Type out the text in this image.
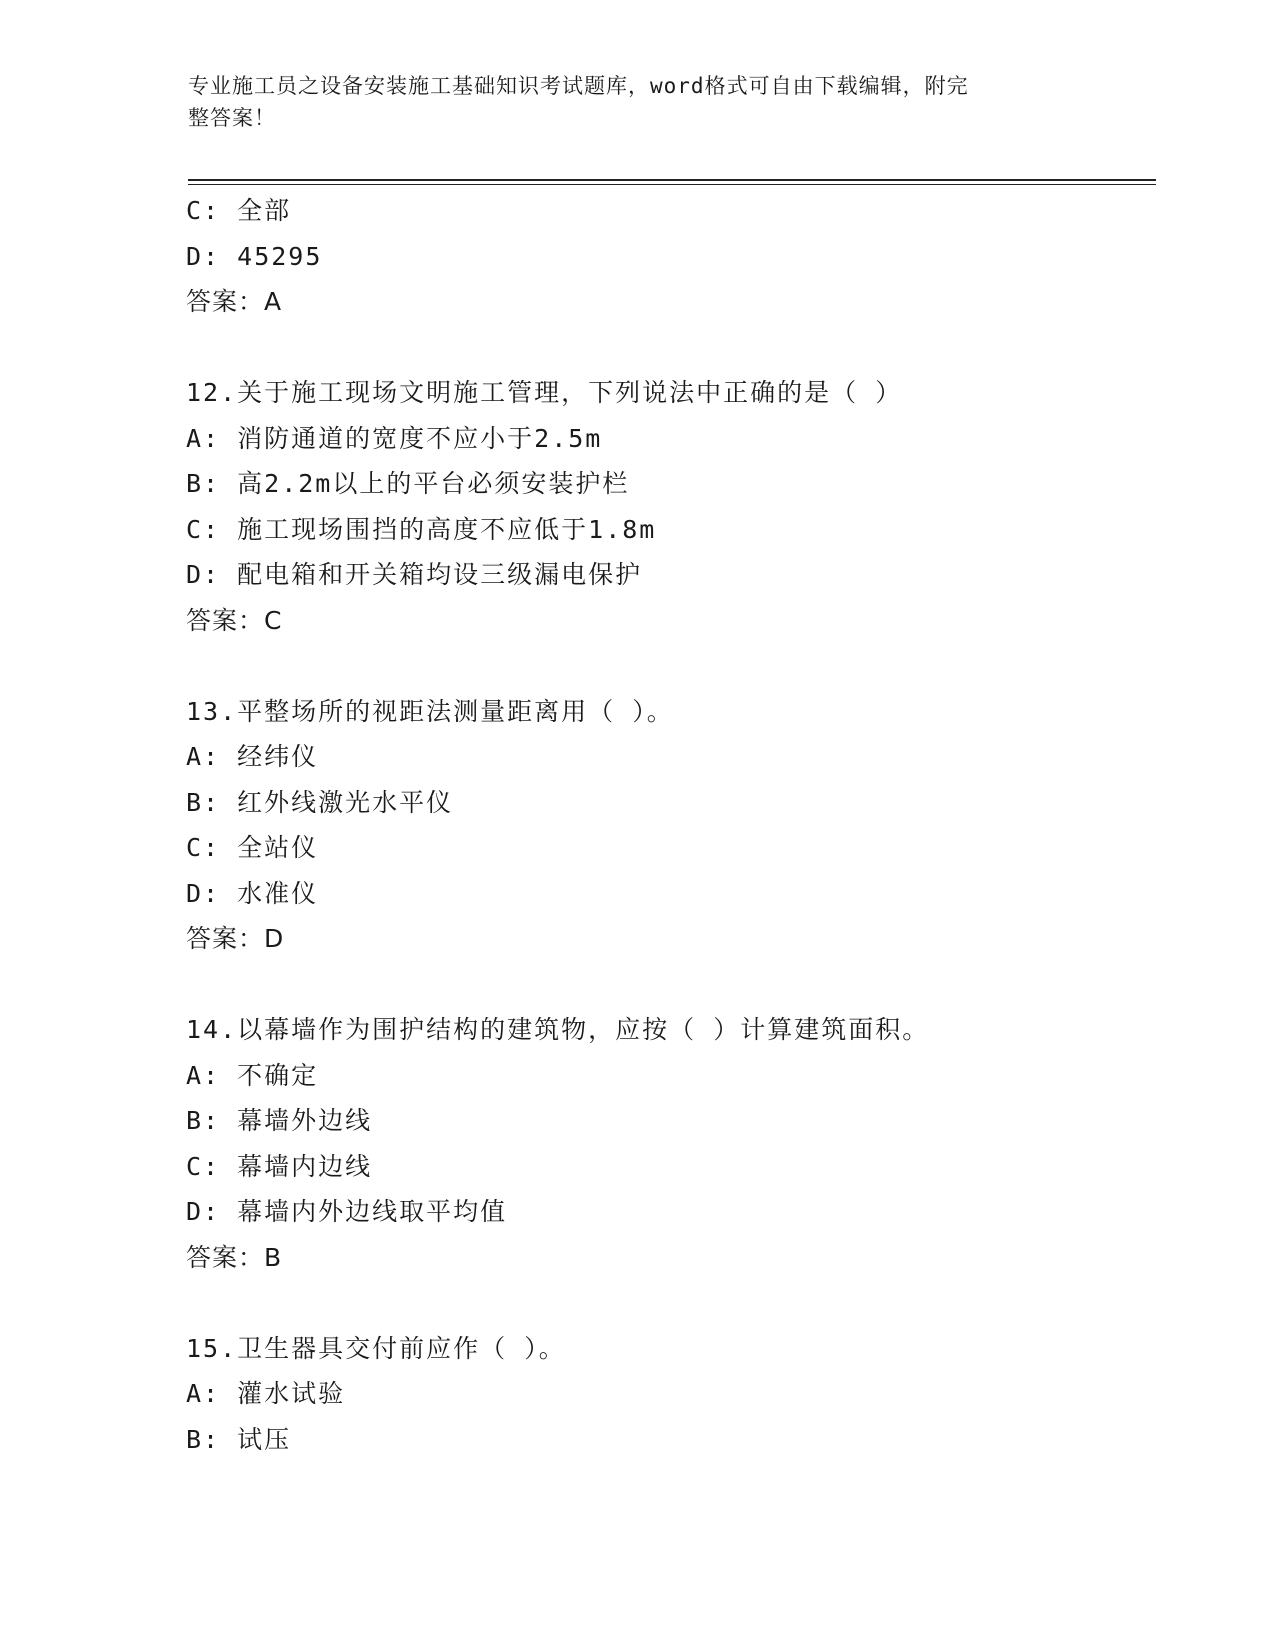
专业施工员之设备安装施工基础知识考试题库，word格式可自由下载编辑，附完
整答案！
C: 全部
D: 45295
答案：A
12.关于施工现场文明施工管理，下列说法中正确的是（ ）
A: 消防通道的宽度不应小于2.5m
B: 高2.2m以上的平台必须安装护栏
C: 施工现场围挡的高度不应低于1.8m
D: 配电箱和开关箱均设三级漏电保护
答案：C
13.平整场所的视距法测量距离用（ ）。
A: 经纬仪
B: 红外线激光水平仪
C: 全站仪
D: 水准仪
答案：D
14.以幕墙作为围护结构的建筑物，应按（ ）计算建筑面积。
A: 不确定
B: 幕墙外边线
C: 幕墙内边线
D: 幕墙内外边线取平均值
答案：B
15.卫生器具交付前应作（ ）。
A: 灌水试验
B: 试压
